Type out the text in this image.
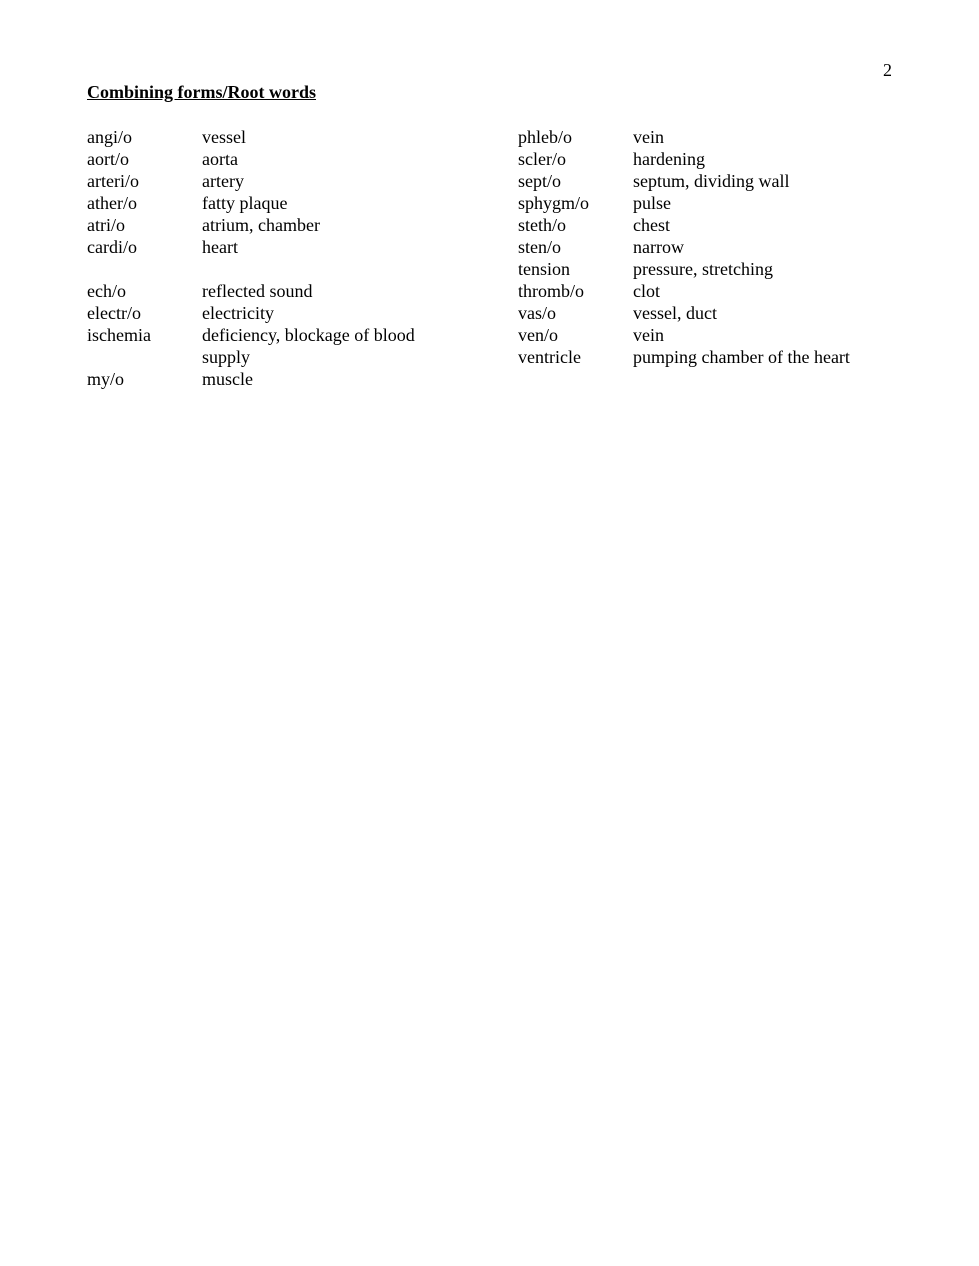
2
Combining forms/Root words
angi/o	vessel
aort/o	aorta
arteri/o	artery
ather/o	fatty plaque
atri/o	atrium, chamber
cardi/o	heart
ech/o	reflected sound
electr/o	electricity
ischemia	deficiency, blockage of blood supply
my/o	muscle
phleb/o	vein
scler/o	hardening
sept/o	septum, dividing wall
sphygm/o	pulse
steth/o	chest
sten/o	narrow
tension	pressure, stretching
thromb/o	clot
vas/o	vessel, duct
ven/o	vein
ventricle	pumping chamber of the heart
